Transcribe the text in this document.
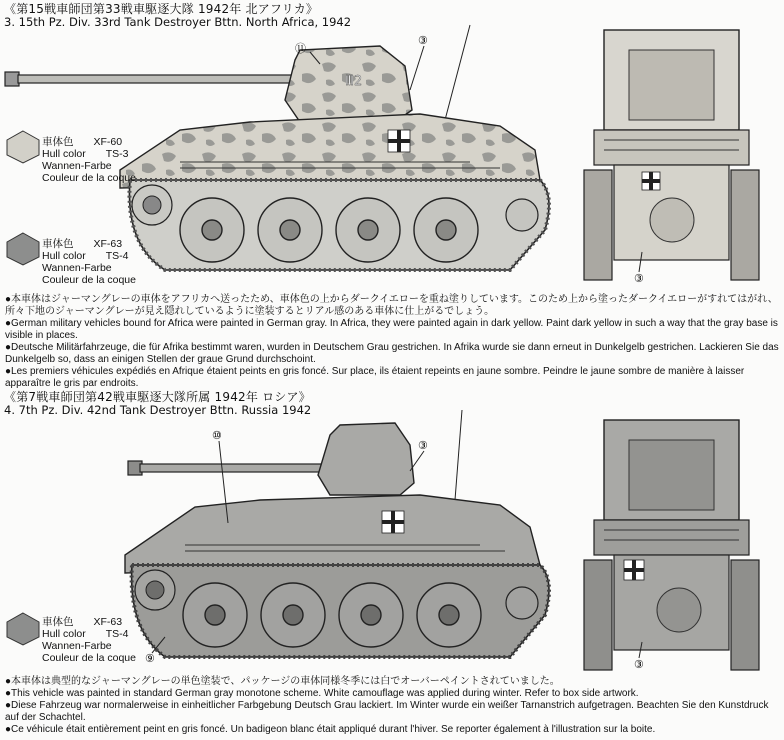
《第15戦車師団第33戦車駆逐大隊 1942年 北アフリカ》
3. 15th Pz. Div. 33rd Tank Destroyer Bttn. North Africa, 1942
Ⅲ2
⑪
③
車体色 XF-60
Hull color TS-3
Wannen-Farbe
Couleur de la coque
車体色 XF-63
Hull color TS-4
Wannen-Farbe
Couleur de la coque	③

●本車体はジャーマングレーの車体をアフリカへ送ったため、車体色の上からダークイエローを重ね塗りしています。このため上から塗ったダークイエローがすれてはがれ、所々下地のジャーマングレーが見え隠れしているように塗装するとリアル感のある車体に仕上がるでしょう。

●German military vehicles bound for Africa were painted in German gray. In Africa, they were painted again in dark yellow. Paint dark yellow in such a way that the gray base is visible in places.

●Deutsche Militärfahrzeuge, die für Afrika bestimmt waren, wurden in Deutschem Grau gestrichen. In Afrika wurde sie dann erneut in Dunkelgelb gestrichen. Lackieren Sie das Dunkelgelb so, dass an einigen Stellen der graue Grund durchschoint.

●Les premiers véhicules expédiés en Afrique étaient peints en gris foncé. Sur place, ils étaient repeints en jaune sombre. Peindre le jaune sombre de manière à laisser apparaître le gris par endroits.

《第7戦車師団第42戦車駆逐大隊所属 1942年 ロシア》
4. 7th Pz. Div. 42nd Tank Destroyer Bttn. Russia 1942
⑩
③
⑨
車体色 XF-63
Hull color TS-4
Wannen-Farbe
Couleur de la coque
③

●本車体は典型的なジャーマングレーの単色塗装で、パッケージの車体同様冬季には白でオーバーペイントされていました。

●This vehicle was painted in standard German gray monotone scheme. White camouflage was applied during winter. Refer to box side artwork.

●Diese Fahrzeug war normalerweise in einheitlicher Farbgebung Deutsch Grau lackiert. Im Winter wurde ein weißer Tarnanstrich aufgetragen. Beachten Sie den Kunstdruck auf der Schachtel.

●Ce véhicule était entièrement peint en gris foncé. Un badigeon blanc était appliqué durant l'hiver. Se reporter également à l'illustration sur la boite.
